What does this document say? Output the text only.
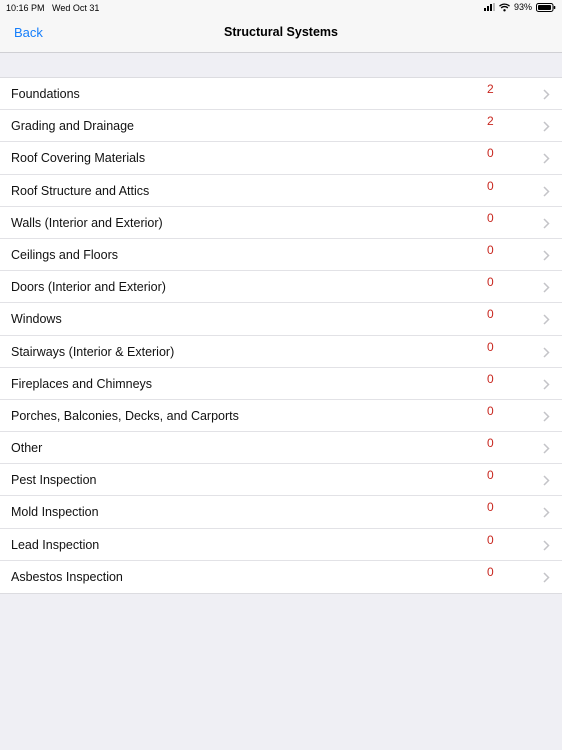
10:16 PM Wed Oct 31	93%
Back	Structural Systems
Foundations	2
Grading and Drainage	2
Roof Covering Materials	0
Roof Structure and Attics	0
Walls (Interior and Exterior)	0
Ceilings and Floors	0
Doors (Interior and Exterior)	0
Windows	0
Stairways (Interior & Exterior)	0
Fireplaces and Chimneys	0
Porches, Balconies, Decks, and Carports	0
Other	0
Pest Inspection	0
Mold Inspection	0
Lead Inspection	0
Asbestos Inspection	0
